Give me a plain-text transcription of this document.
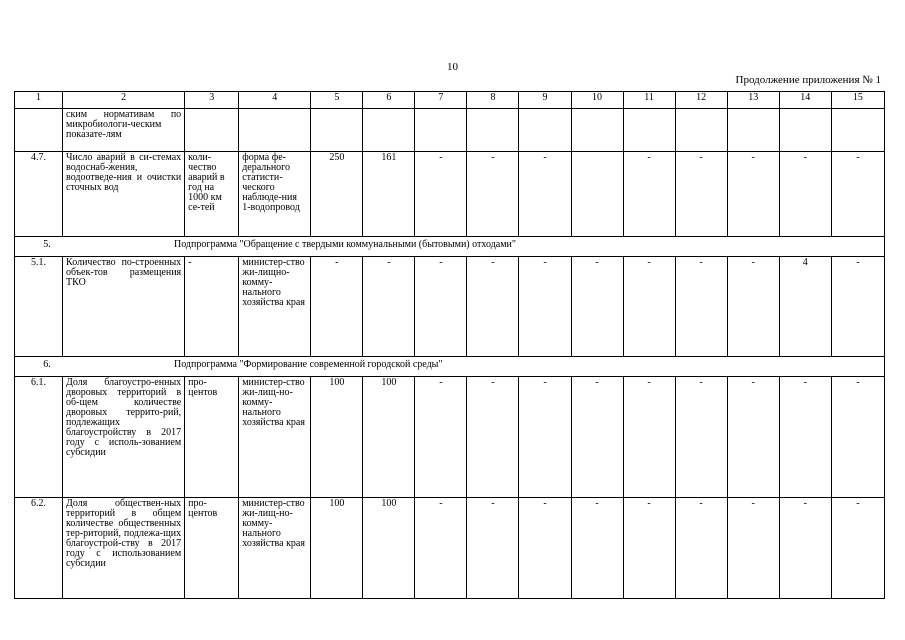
10
Продолжение приложения № 1
1	2	3	4	5	6	7	8	9	10	11	12	13	14	15
	ским нормативам по микробиологи-ческим показате-лям													
4.7.	Число аварий в си-стемах водоснаб-жения, водоотведе-ния и очистки сточных вод	коли-чество аварий в год на 1000 км се-тей	форма фе-дерального статисти-ческого наблюде-ния 1-водопровод	250	161	-	-	-		-	-	-	-	-
5. Подпрограмма "Обращение с твердыми коммунальными (бытовыми) отходами"														
5.1.	Количество по-строенных объек-тов размещения ТКО	-	министер-ство жи-лищно-комму-нального хозяйства края	-	-	-	-	-	-	-	-	-	4	-
6. Подпрограмма "Формирование современной городской среды"														
6.1.	Доля благоустро-енных дворовых территорий в об-щем количестве дворовых террито-рий, подлежащих благоустройству в 2017 году с исполь-зованием субсидии	про-центов	министер-ство жи-лищ-но-комму-нального хозяйства края	100	100	-	-	-	-	-	-	-	-	-
6.2.	Доля обществен-ных территорий в общем количестве общественных тер-риторий, подлежа-щих благоустрой-ству в 2017 году с использованием субсидии	про-центов	министер-ство жи-лищ-но-комму-нального хозяйства края	100	100	-	-	-	-	-	-	-	-	-
